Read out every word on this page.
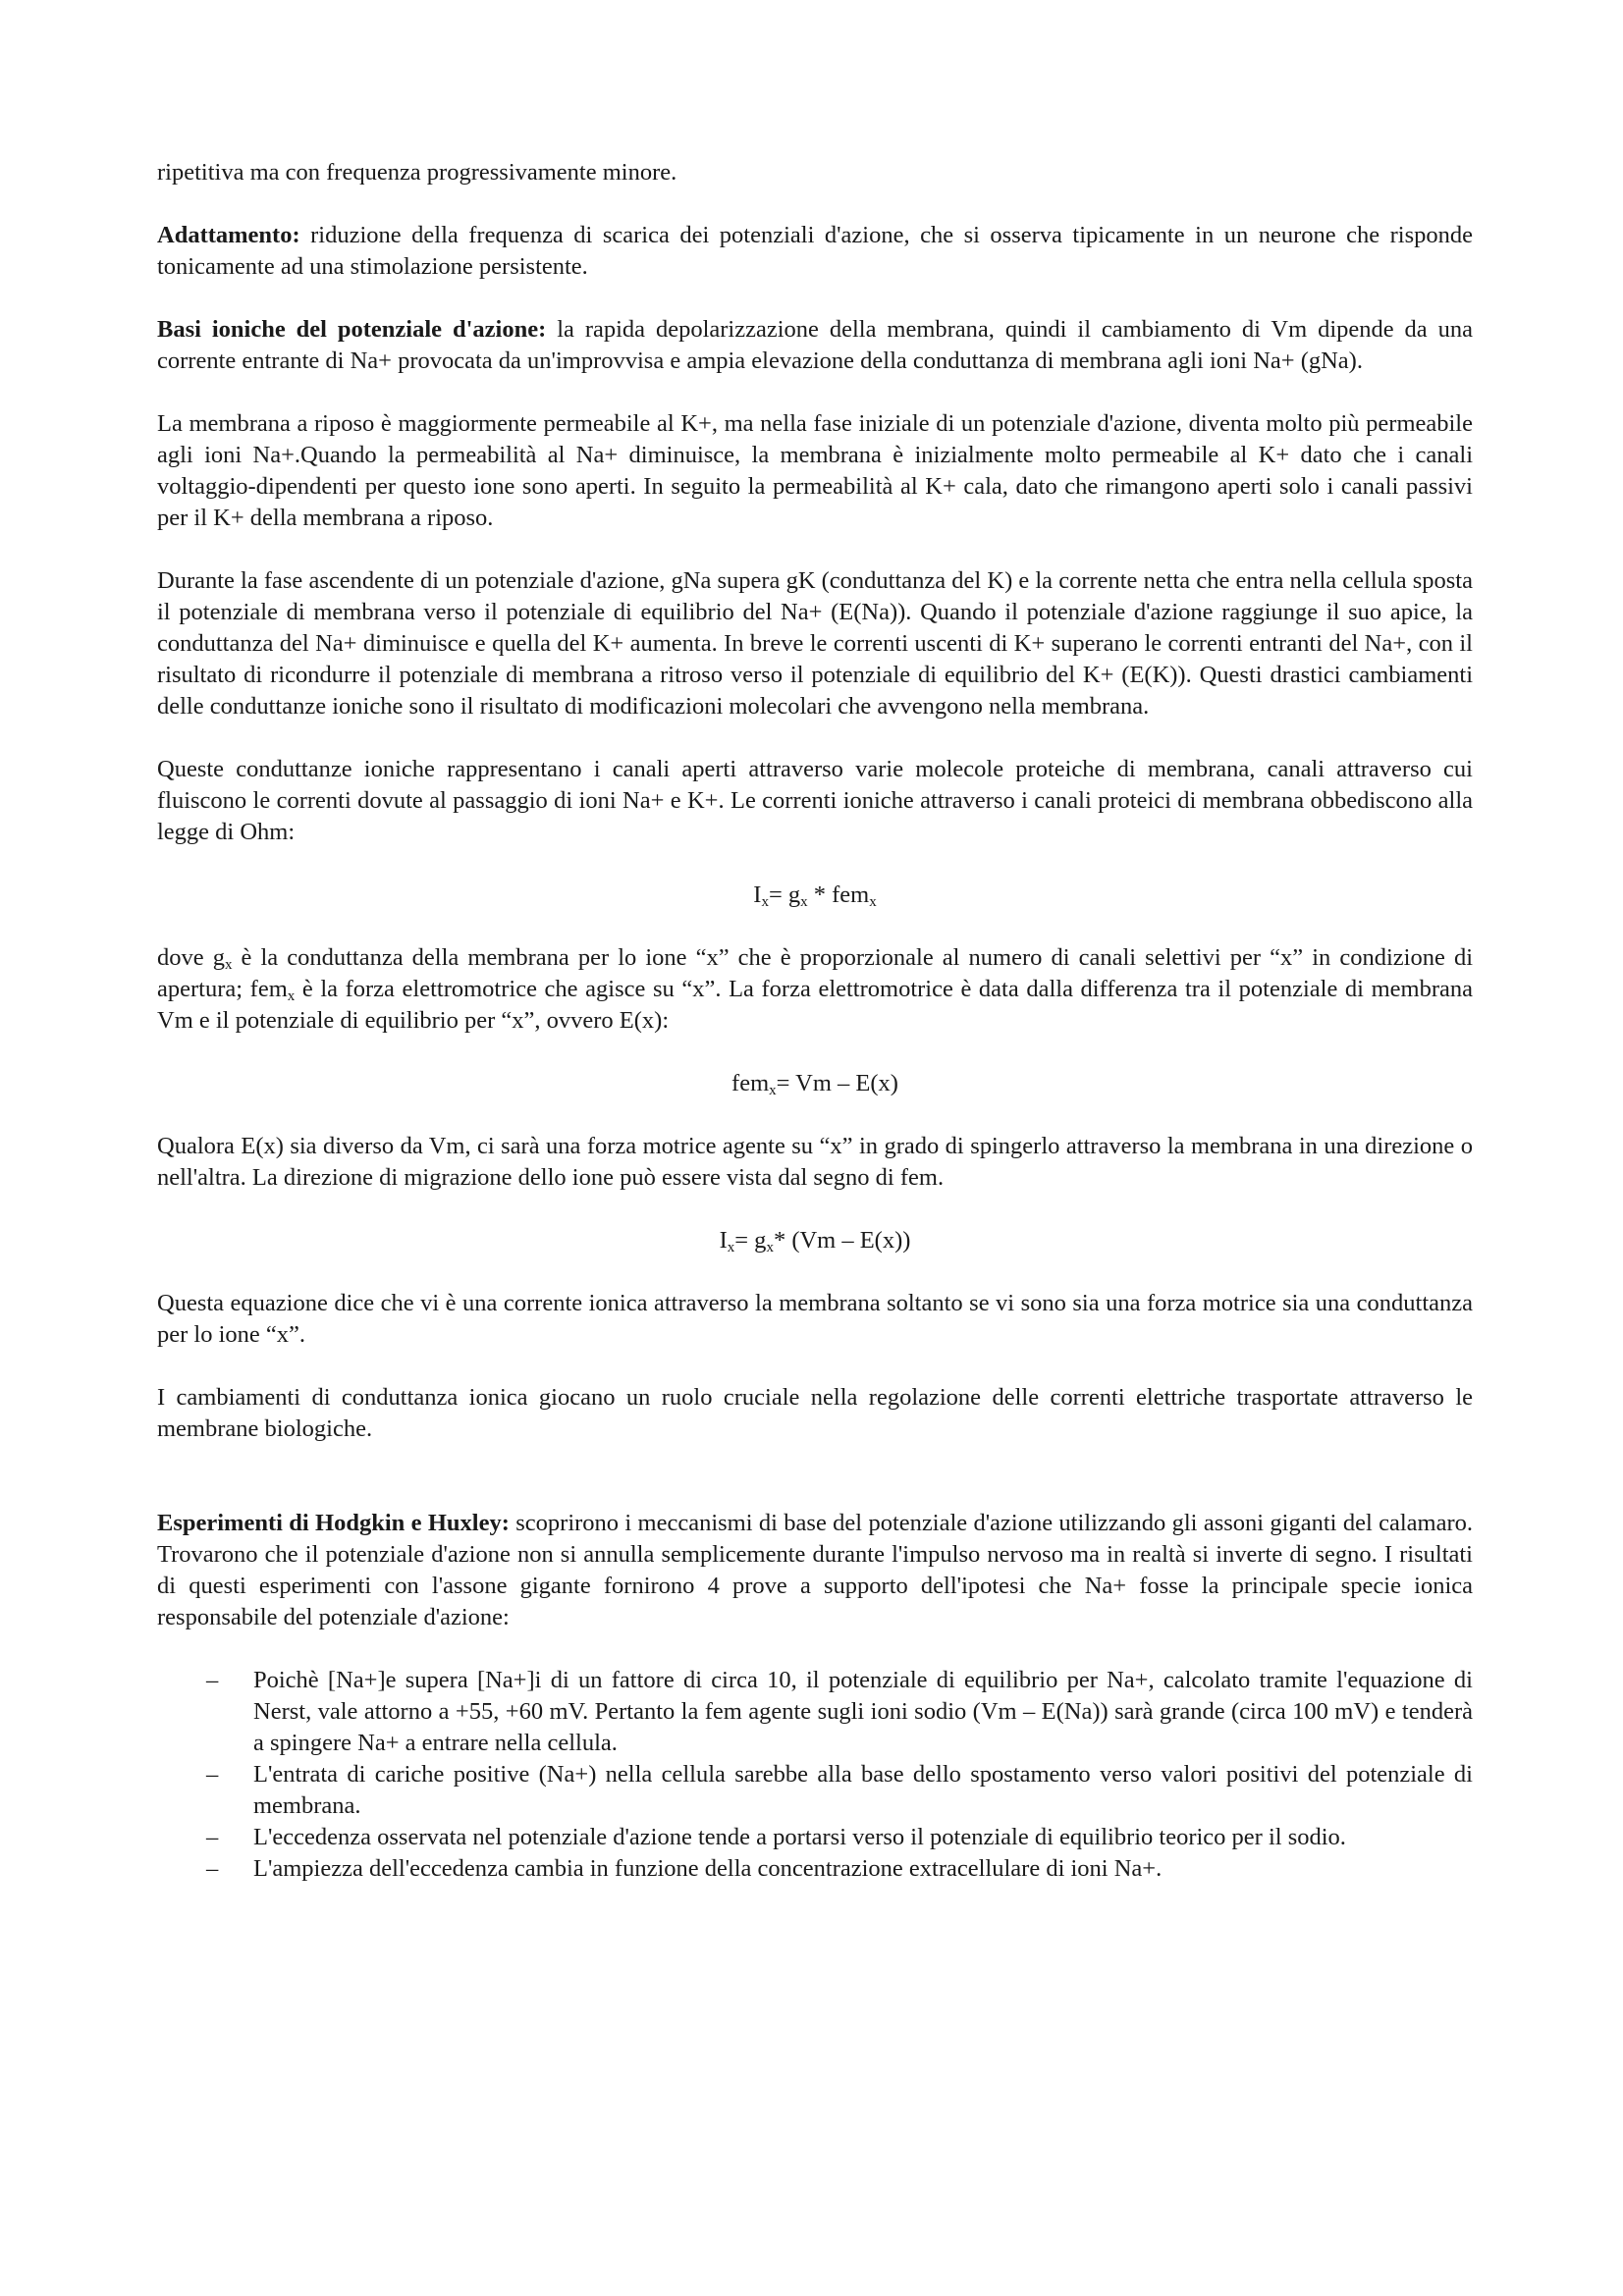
ripetitiva ma con frequenza progressivamente minore.

Adattamento: riduzione della frequenza di scarica dei potenziali d'azione, che si osserva tipicamente in un neurone che risponde tonicamente ad una stimolazione persistente.

Basi ioniche del potenziale d'azione: la rapida depolarizzazione della membrana, quindi il cambiamento di Vm dipende da una corrente entrante di Na+ provocata da un'improvvisa e ampia elevazione della conduttanza di membrana agli ioni Na+ (gNa).

La membrana a riposo è maggiormente permeabile al K+, ma nella fase iniziale di un potenziale d'azione, diventa molto più permeabile agli ioni Na+.Quando la permeabilità al Na+ diminuisce, la membrana è inizialmente molto permeabile al K+ dato che i canali voltaggio-dipendenti per questo ione sono aperti. In seguito la permeabilità al K+ cala, dato che rimangono aperti solo i canali passivi per il K+ della membrana a riposo.

Durante la fase ascendente di un potenziale d'azione, gNa supera gK (conduttanza del K) e la corrente netta che entra nella cellula sposta il potenziale di membrana verso il potenziale di equilibrio del Na+ (E(Na)). Quando il potenziale d'azione raggiunge il suo apice, la conduttanza del Na+ diminuisce e quella del K+ aumenta. In breve le correnti uscenti di K+ superano le correnti entranti del Na+, con il risultato di ricondurre il potenziale di membrana a ritroso verso il potenziale di equilibrio del K+ (E(K)). Questi drastici cambiamenti delle conduttanze ioniche sono il risultato di modificazioni molecolari che avvengono nella membrana.

Queste conduttanze ioniche rappresentano i canali aperti attraverso varie molecole proteiche di membrana, canali attraverso cui fluiscono le correnti dovute al passaggio di ioni Na+ e K+. Le correnti ioniche attraverso i canali proteici di membrana obbediscono alla legge di Ohm:

$I_x= g_x * fem_x$

dove $g_x$ è la conduttanza della membrana per lo ione “x” che è proporzionale al numero di canali selettivi per “x” in condizione di apertura; fem$_x$ è la forza elettromotrice che agisce su “x”. La forza elettromotrice è data dalla differenza tra il potenziale di membrana Vm e il potenziale di equilibrio per “x”, ovvero E(x):

fem$_x$= Vm – E(x)

Qualora E(x) sia diverso da Vm, ci sarà una forza motrice agente su “x” in grado di spingerlo attraverso la membrana in una direzione o nell'altra. La direzione di migrazione dello ione può essere vista dal segno di fem.

$I_x= g_x*$ (Vm – E(x))

Questa equazione dice che vi è una corrente ionica attraverso la membrana soltanto se vi sono sia una forza motrice sia una conduttanza per lo ione “x”.

I cambiamenti di conduttanza ionica giocano un ruolo cruciale nella regolazione delle correnti elettriche trasportate attraverso le membrane biologiche.

Esperimenti di Hodgkin e Huxley: scoprirono i meccanismi di base del potenziale d'azione utilizzando gli assoni giganti del calamaro. Trovarono che il potenziale d'azione non si annulla semplicemente durante l'impulso nervoso ma in realtà si inverte di segno. I risultati di questi esperimenti con l'assone gigante fornirono 4 prove a supporto dell'ipotesi che Na+ fosse la principale specie ionica responsabile del potenziale d'azione:

– Poichè [Na+]e supera [Na+]i di un fattore di circa 10, il potenziale di equilibrio per Na+, calcolato tramite l'equazione di Nerst, vale attorno a +55, +60 mV. Pertanto la fem agente sugli ioni sodio (Vm – E(Na)) sarà grande (circa 100 mV) e tenderà a spingere Na+ a entrare nella cellula.
– L'entrata di cariche positive (Na+) nella cellula sarebbe alla base dello spostamento verso valori positivi del potenziale di membrana.
– L'eccedenza osservata nel potenziale d'azione tende a portarsi verso il potenziale di equilibrio teorico per il sodio.
– L'ampiezza dell'eccedenza cambia in funzione della concentrazione extracellulare di ioni Na+.
